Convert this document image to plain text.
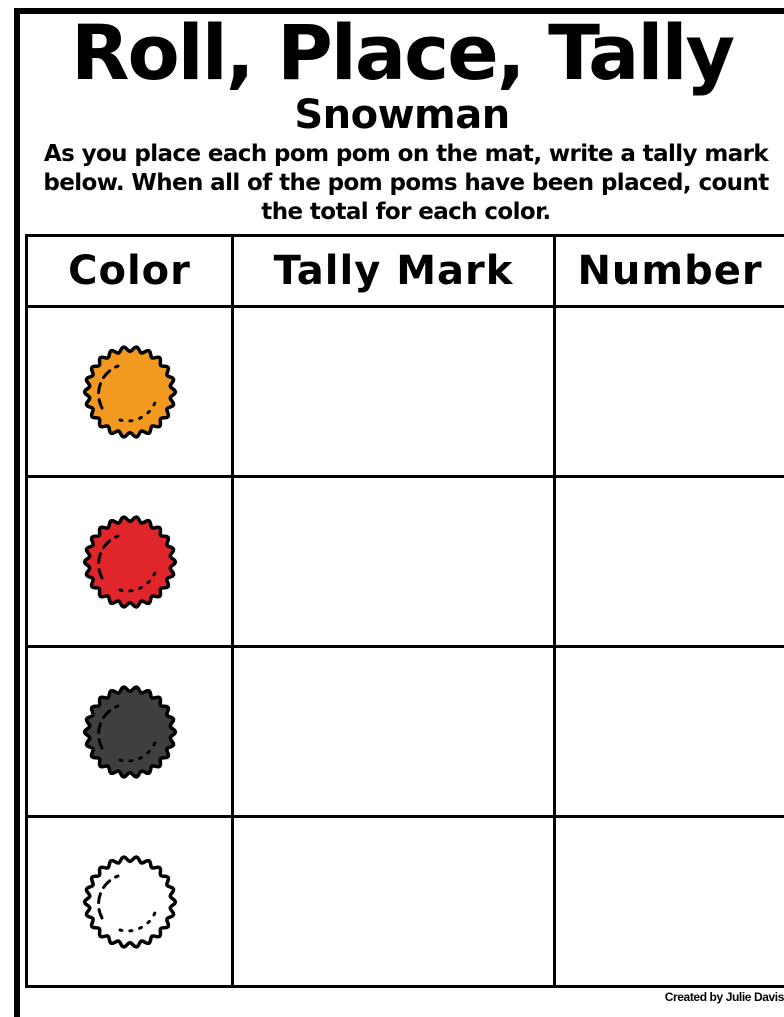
Roll, Place, Tally
Snowman
As you place each pom pom on the mat, write a tally mark below. When all of the pom poms have been placed, count the total for each color.
Color	Tally Mark	Number

Created by Julie Davis
